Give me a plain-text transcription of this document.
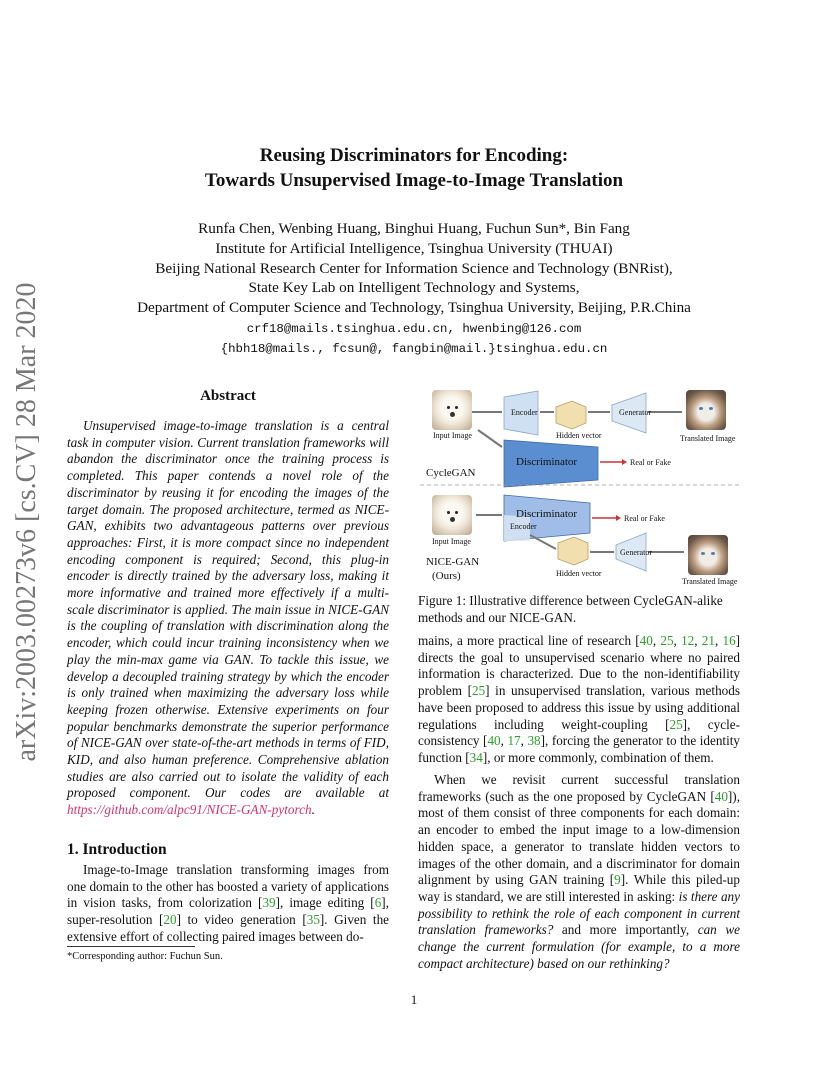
arXiv:2003.00273v6 [cs.CV] 28 Mar 2020
Reusing Discriminators for Encoding:
Towards Unsupervised Image-to-Image Translation
Runfa Chen, Wenbing Huang, Binghui Huang, Fuchun Sun*, Bin Fang
Institute for Artificial Intelligence, Tsinghua University (THUAI)
Beijing National Research Center for Information Science and Technology (BNRist),
State Key Lab on Intelligent Technology and Systems,
Department of Computer Science and Technology, Tsinghua University, Beijing, P.R.China
crf18@mails.tsinghua.edu.cn, hwenbing@126.com
{hbh18@mails., fcsun@, fangbin@mail.}tsinghua.edu.cn
Abstract
Unsupervised image-to-image translation is a central task in computer vision. Current translation frameworks will abandon the discriminator once the training process is completed. This paper contends a novel role of the discriminator by reusing it for encoding the images of the target domain. The proposed architecture, termed as NICE-GAN, exhibits two advantageous patterns over previous approaches: First, it is more compact since no independent encoding component is required; Second, this plug-in encoder is directly trained by the adversary loss, making it more informative and trained more effectively if a multi-scale discriminator is applied. The main issue in NICE-GAN is the coupling of translation with discrimination along the encoder, which could incur training inconsistency when we play the min-max game via GAN. To tackle this issue, we develop a decoupled training strategy by which the encoder is only trained when maximizing the adversary loss while keeping frozen otherwise. Extensive experiments on four popular benchmarks demonstrate the superior performance of NICE-GAN over state-of-the-art methods in terms of FID, KID, and also human preference. Comprehensive ablation studies are also carried out to isolate the validity of each proposed component. Our codes are available at https://github.com/alpc91/NICE-GAN-pytorch.
1. Introduction
Image-to-Image translation transforming images from one domain to the other has boosted a variety of applications in vision tasks, from colorization [39], image editing [6], super-resolution [20] to video generation [35]. Given the extensive effort of collecting paired images between do-
*Corresponding author: Fuchun Sun.
Input Image
Encoder
Hidden vector
Generator
Translated Image
Discriminator	Real or Fake
CycleGAN
Discriminator
Encoder
Real or Fake
Input Image
NICE-GAN
(Ours)
Generator
Hidden vector
Translated Image
Figure 1: Illustrative difference between CycleGAN-alike methods and our NICE-GAN.
mains, a more practical line of research [40, 25, 12, 21, 16] directs the goal to unsupervised scenario where no paired information is characterized. Due to the non-identifiability problem [25] in unsupervised translation, various methods have been proposed to address this issue by using additional regulations including weight-coupling [25], cycle-consistency [40, 17, 38], forcing the generator to the identity function [34], or more commonly, combination of them.
When we revisit current successful translation frameworks (such as the one proposed by CycleGAN [40]), most of them consist of three components for each domain: an encoder to embed the input image to a low-dimension hidden space, a generator to translate hidden vectors to images of the other domain, and a discriminator for domain alignment by using GAN training [9]. While this piled-up way is standard, we are still interested in asking: is there any possibility to rethink the role of each component in current translation frameworks? and more importantly, can we change the current formulation (for example, to a more compact architecture) based on our rethinking?
1
